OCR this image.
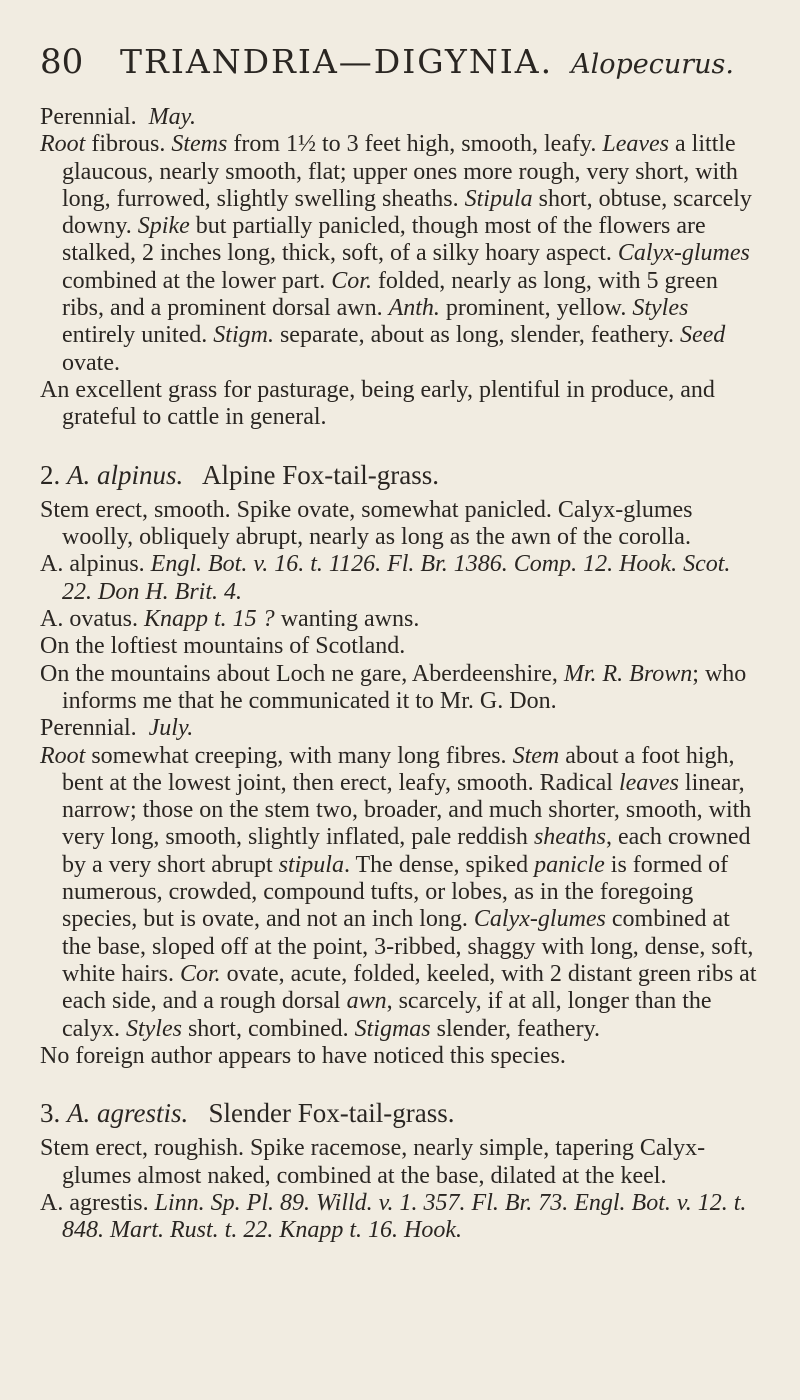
80	TRIANDRIA—DIGYNIA. Alopecurus.

Perennial. May.

Root fibrous. Stems from 1½ to 3 feet high, smooth, leafy. Leaves a little glaucous, nearly smooth, flat; upper ones more rough, very short, with long, furrowed, slightly swelling sheaths. Stipula short, obtuse, scarcely downy. Spike but partially panicled, though most of the flowers are stalked, 2 inches long, thick, soft, of a silky hoary aspect. Calyx-glumes combined at the lower part. Cor. folded, nearly as long, with 5 green ribs, and a prominent dorsal awn. Anth. prominent, yellow. Styles entirely united. Stigm. separate, about as long, slender, feathery. Seed ovate.

An excellent grass for pasturage, being early, plentiful in produce, and grateful to cattle in general.

2. A. alpinus. Alpine Fox-tail-grass.

Stem erect, smooth. Spike ovate, somewhat panicled. Calyx-glumes woolly, obliquely abrupt, nearly as long as the awn of the corolla.

A. alpinus. Engl. Bot. v. 16. t. 1126. Fl. Br. 1386. Comp. 12. Hook. Scot. 22. Don H. Brit. 4.

A. ovatus. Knapp t. 15 ? wanting awns.

On the loftiest mountains of Scotland.

On the mountains about Loch ne gare, Aberdeenshire, Mr. R. Brown; who informs me that he communicated it to Mr. G. Don.

Perennial. July.

Root somewhat creeping, with many long fibres. Stem about a foot high, bent at the lowest joint, then erect, leafy, smooth. Radical leaves linear, narrow; those on the stem two, broader, and much shorter, smooth, with very long, smooth, slightly inflated, pale reddish sheaths, each crowned by a very short abrupt stipula. The dense, spiked panicle is formed of numerous, crowded, compound tufts, or lobes, as in the foregoing species, but is ovate, and not an inch long. Calyx-glumes combined at the base, sloped off at the point, 3-ribbed, shaggy with long, dense, soft, white hairs. Cor. ovate, acute, folded, keeled, with 2 distant green ribs at each side, and a rough dorsal awn, scarcely, if at all, longer than the calyx. Styles short, combined. Stigmas slender, feathery.

No foreign author appears to have noticed this species.

3. A. agrestis. Slender Fox-tail-grass.

Stem erect, roughish. Spike racemose, nearly simple, tapering Calyx-glumes almost naked, combined at the base, dilated at the keel.

A. agrestis. Linn. Sp. Pl. 89. Willd. v. 1. 357. Fl. Br. 73. Engl. Bot. v. 12. t. 848. Mart. Rust. t. 22. Knapp t. 16. Hook.
